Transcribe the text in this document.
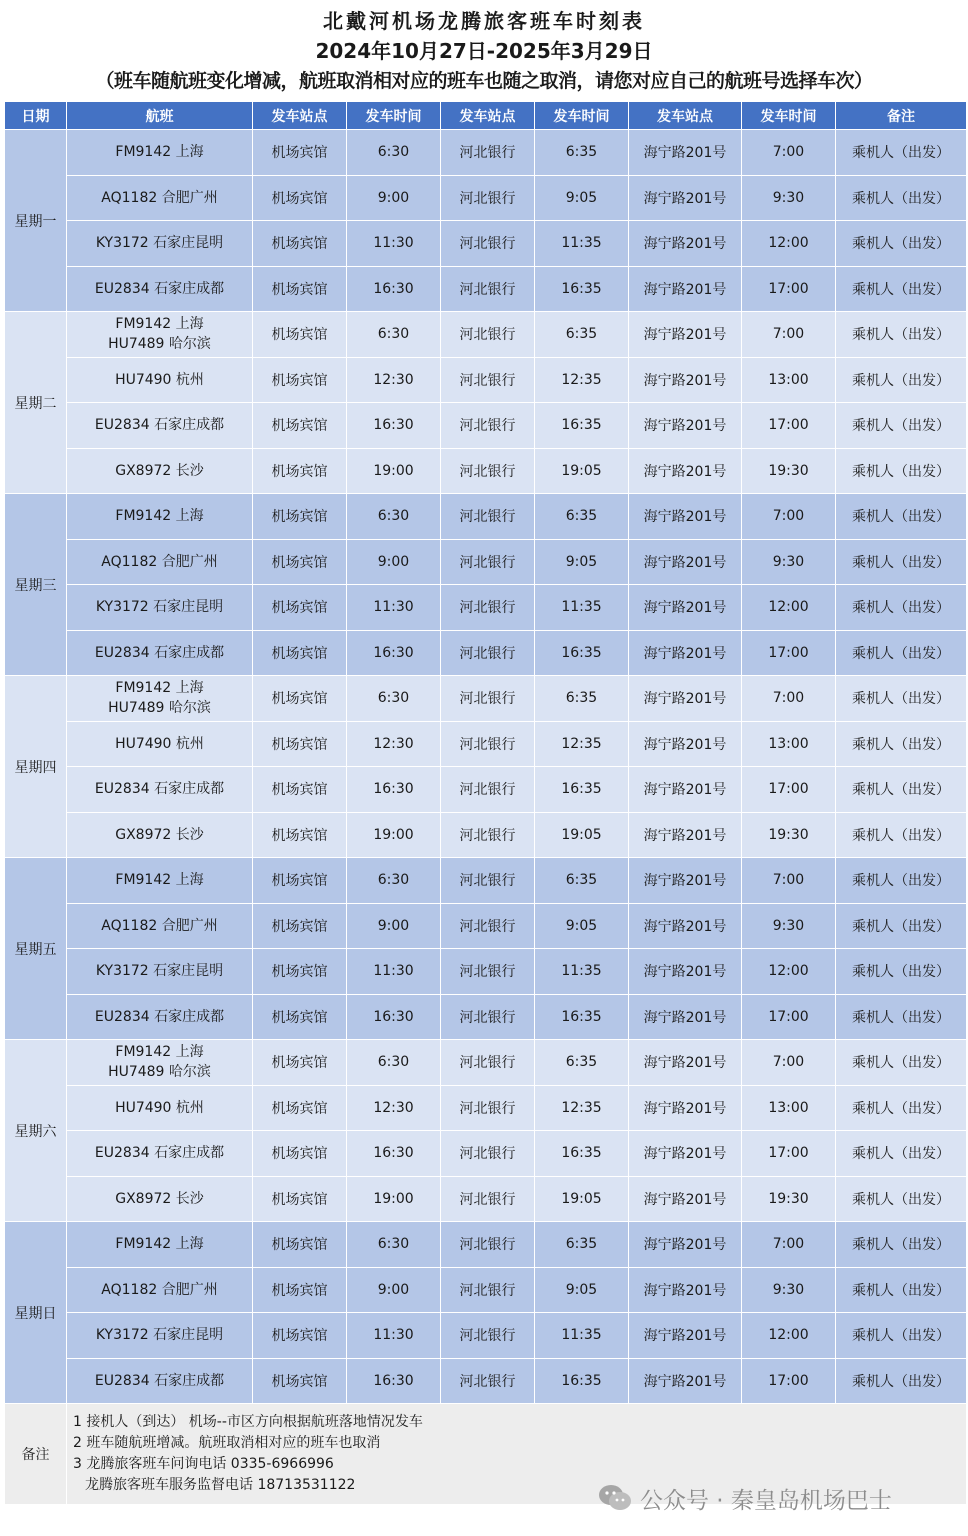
北戴河机场龙腾旅客班车时刻表
2024年10月27日-2025年3月29日
（班车随航班变化增减，航班取消相对应的班车也随之取消，请您对应自己的航班号选择车次）
日期	航班	发车站点	发车时间	发车站点	发车时间	发车站点	发车时间	备注
星期一	FM9142 上海	机场宾馆	6:30	河北银行	6:35	海宁路201号	7:00	乘机人（出发）

	AQ1182 合肥广州	机场宾馆	9:00	河北银行	9:05	海宁路201号	9:30	乘机人（出发）

	KY3172 石家庄昆明	机场宾馆	11:30	河北银行	11:35	海宁路201号	12:00	乘机人（出发）

	EU2834 石家庄成都	机场宾馆	16:30	河北银行	16:35	海宁路201号	17:00	乘机人（出发）
星期二	FM9142 上海
HU7489 哈尔滨	机场宾馆	6:30	河北银行	6:35	海宁路201号	7:00	乘机人（出发）

	HU7490 杭州	机场宾馆	12:30	河北银行	12:35	海宁路201号	13:00	乘机人（出发）

	EU2834 石家庄成都	机场宾馆	16:30	河北银行	16:35	海宁路201号	17:00	乘机人（出发）

	GX8972 长沙	机场宾馆	19:00	河北银行	19:05	海宁路201号	19:30	乘机人（出发）
星期三	FM9142 上海	机场宾馆	6:30	河北银行	6:35	海宁路201号	7:00	乘机人（出发）

	AQ1182 合肥广州	机场宾馆	9:00	河北银行	9:05	海宁路201号	9:30	乘机人（出发）

	KY3172 石家庄昆明	机场宾馆	11:30	河北银行	11:35	海宁路201号	12:00	乘机人（出发）

	EU2834 石家庄成都	机场宾馆	16:30	河北银行	16:35	海宁路201号	17:00	乘机人（出发）
星期四	FM9142 上海
HU7489 哈尔滨	机场宾馆	6:30	河北银行	6:35	海宁路201号	7:00	乘机人（出发）

	HU7490 杭州	机场宾馆	12:30	河北银行	12:35	海宁路201号	13:00	乘机人（出发）

	EU2834 石家庄成都	机场宾馆	16:30	河北银行	16:35	海宁路201号	17:00	乘机人（出发）

	GX8972 长沙	机场宾馆	19:00	河北银行	19:05	海宁路201号	19:30	乘机人（出发）
星期五	FM9142 上海	机场宾馆	6:30	河北银行	6:35	海宁路201号	7:00	乘机人（出发）

	AQ1182 合肥广州	机场宾馆	9:00	河北银行	9:05	海宁路201号	9:30	乘机人（出发）

	KY3172 石家庄昆明	机场宾馆	11:30	河北银行	11:35	海宁路201号	12:00	乘机人（出发）

	EU2834 石家庄成都	机场宾馆	16:30	河北银行	16:35	海宁路201号	17:00	乘机人（出发）
星期六	FM9142 上海
HU7489 哈尔滨	机场宾馆	6:30	河北银行	6:35	海宁路201号	7:00	乘机人（出发）

	HU7490 杭州	机场宾馆	12:30	河北银行	12:35	海宁路201号	13:00	乘机人（出发）

	EU2834 石家庄成都	机场宾馆	16:30	河北银行	16:35	海宁路201号	17:00	乘机人（出发）

	GX8972 长沙	机场宾馆	19:00	河北银行	19:05	海宁路201号	19:30	乘机人（出发）
星期日	FM9142 上海	机场宾馆	6:30	河北银行	6:35	海宁路201号	7:00	乘机人（出发）

	AQ1182 合肥广州	机场宾馆	9:00	河北银行	9:05	海宁路201号	9:30	乘机人（出发）

	KY3172 石家庄昆明	机场宾馆	11:30	河北银行	11:35	海宁路201号	12:00	乘机人（出发）

	EU2834 石家庄成都	机场宾馆	16:30	河北银行	16:35	海宁路201号	17:00	乘机人（出发）
备注	1 接机人（到达） 机场--市区方向根据航班落地情况发车
2 班车随航班增减。航班取消相对应的班车也取消
3 龙腾旅客班车问询电话 0335-6966996
龙腾旅客班车服务监督电话 18713531122							
公众号 · 秦皇岛机场巴士
